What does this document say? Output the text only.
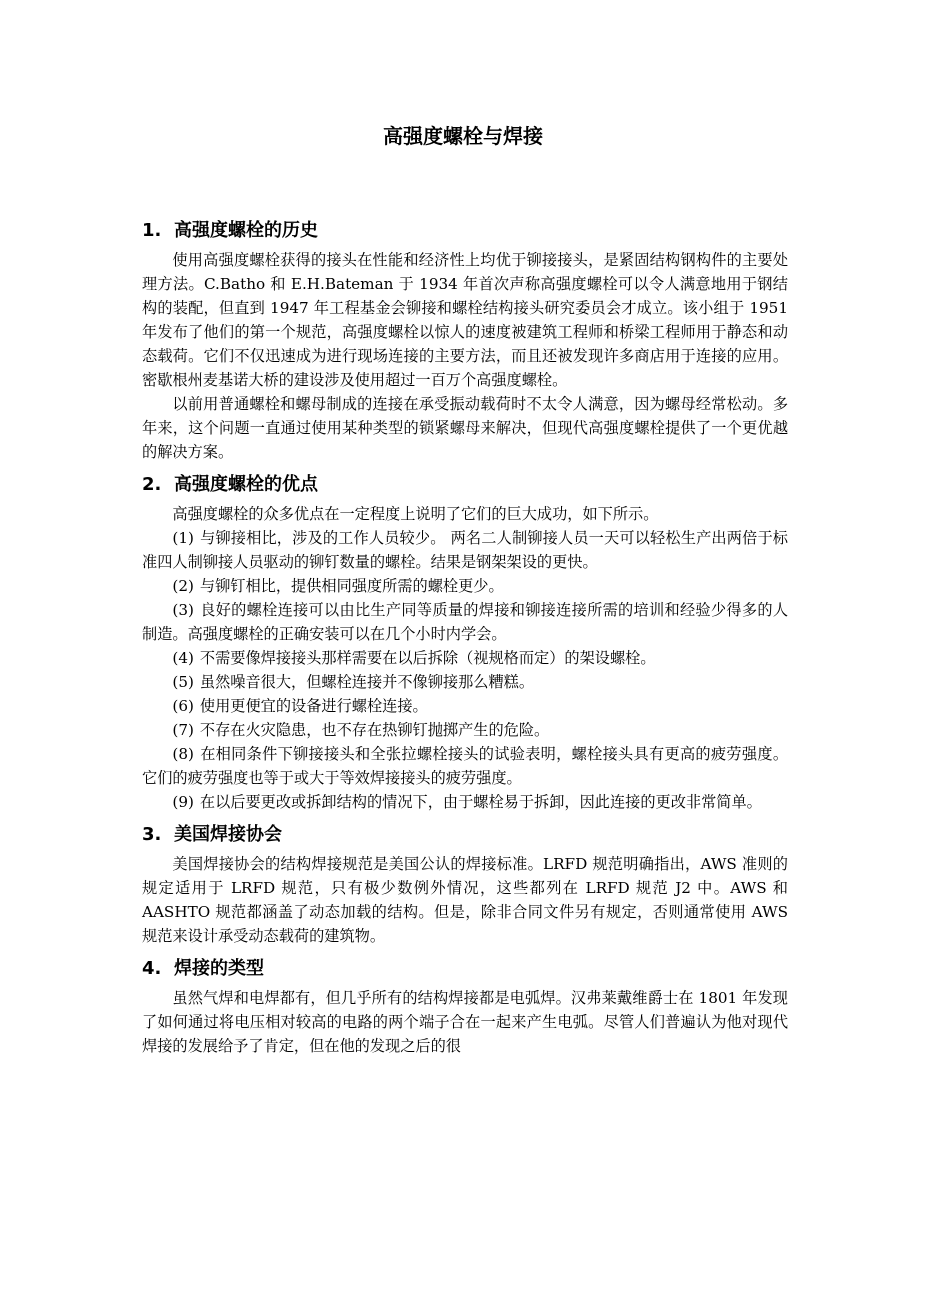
高强度螺栓与焊接
1. 高强度螺栓的历史

使用高强度螺栓获得的接头在性能和经济性上均优于铆接接头，是紧固结构钢构件的主要处理方法。C.Batho 和 E.H.Bateman 于 1934 年首次声称高强度螺栓可以令人满意地用于钢结构的装配，但直到 1947 年工程基金会铆接和螺栓结构接头研究委员会才成立。该小组于 1951 年发布了他们的第一个规范，高强度螺栓以惊人的速度被建筑工程师和桥梁工程师用于静态和动态载荷。它们不仅迅速成为进行现场连接的主要方法，而且还被发现许多商店用于连接的应用。密歇根州麦基诺大桥的建设涉及使用超过一百万个高强度螺栓。

以前用普通螺栓和螺母制成的连接在承受振动载荷时不太令人满意，因为螺母经常松动。多年来，这个问题一直通过使用某种类型的锁紧螺母来解决，但现代高强度螺栓提供了一个更优越的解决方案。

2. 高强度螺栓的优点

高强度螺栓的众多优点在一定程度上说明了它们的巨大成功，如下所示。

(1) 与铆接相比，涉及的工作人员较少。 两名二人制铆接人员一天可以轻松生产出两倍于标准四人制铆接人员驱动的铆钉数量的螺栓。结果是钢架架设的更快。

(2) 与铆钉相比，提供相同强度所需的螺栓更少。

(3) 良好的螺栓连接可以由比生产同等质量的焊接和铆接连接所需的培训和经验少得多的人制造。高强度螺栓的正确安装可以在几个小时内学会。

(4) 不需要像焊接接头那样需要在以后拆除（视规格而定）的架设螺栓。

(5) 虽然噪音很大，但螺栓连接并不像铆接那么糟糕。

(6) 使用更便宜的设备进行螺栓连接。

(7) 不存在火灾隐患，也不存在热铆钉抛掷产生的危险。

(8) 在相同条件下铆接接头和全张拉螺栓接头的试验表明，螺栓接头具有更高的疲劳强度。它们的疲劳强度也等于或大于等效焊接接头的疲劳强度。

(9) 在以后要更改或拆卸结构的情况下，由于螺栓易于拆卸，因此连接的更改非常简单。

3. 美国焊接协会

美国焊接协会的结构焊接规范是美国公认的焊接标准。LRFD 规范明确指出，AWS 准则的规定适用于 LRFD 规范，只有极少数例外情况，这些都列在 LRFD 规范 J2 中。AWS 和 AASHTO 规范都涵盖了动态加载的结构。但是，除非合同文件另有规定，否则通常使用 AWS 规范来设计承受动态载荷的建筑物。

4. 焊接的类型

虽然气焊和电焊都有，但几乎所有的结构焊接都是电弧焊。汉弗莱戴维爵士在 1801 年发现了如何通过将电压相对较高的电路的两个端子合在一起来产生电弧。尽管人们普遍认为他对现代焊接的发展给予了肯定，但在他的发现之后的很
